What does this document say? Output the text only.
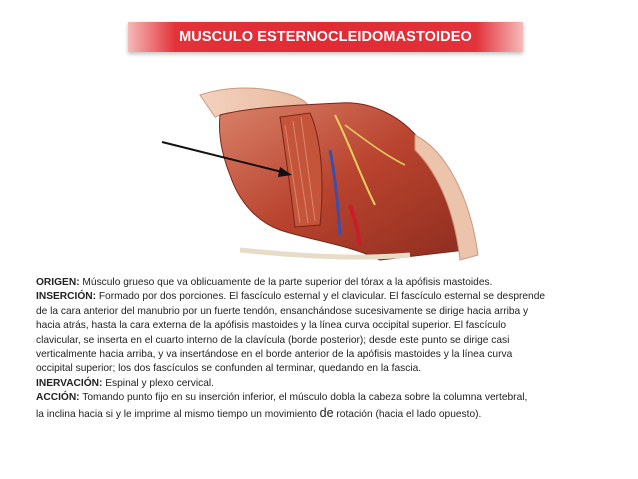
MUSCULO ESTERNOCLEIDOMASTOIDEO
ORIGEN: Músculo grueso que va oblicuamente de la parte superior del tórax a la apófisis mastoides.
INSERCIÓN: Formado por dos porciones. El fascículo esternal y el clavicular. El fascículo esternal se desprende
de la cara anterior del manubrio por un fuerte tendón, ensanchándose sucesivamente se dirige hacia arriba y
hacia atrás, hasta la cara externa de la apófisis mastoides y la línea curva occipital superior. El fascículo
clavicular, se inserta en el cuarto interno de la clavícula (borde posterior); desde este punto se dirige casi
verticalmente hacia arriba, y va insertándose en el borde anterior de la apófisis mastoides y la línea curva
occipital superior; los dos fascículos se confunden al terminar, quedando en la fascia.
INERVACIÓN: Espinal y plexo cervical.
ACCIÓN: Tomando punto fijo en su inserción inferior, el músculo dobla la cabeza sobre la columna vertebral,
la inclina hacia si y le imprime al mismo tiempo un movimiento de rotación (hacia el lado opuesto).
